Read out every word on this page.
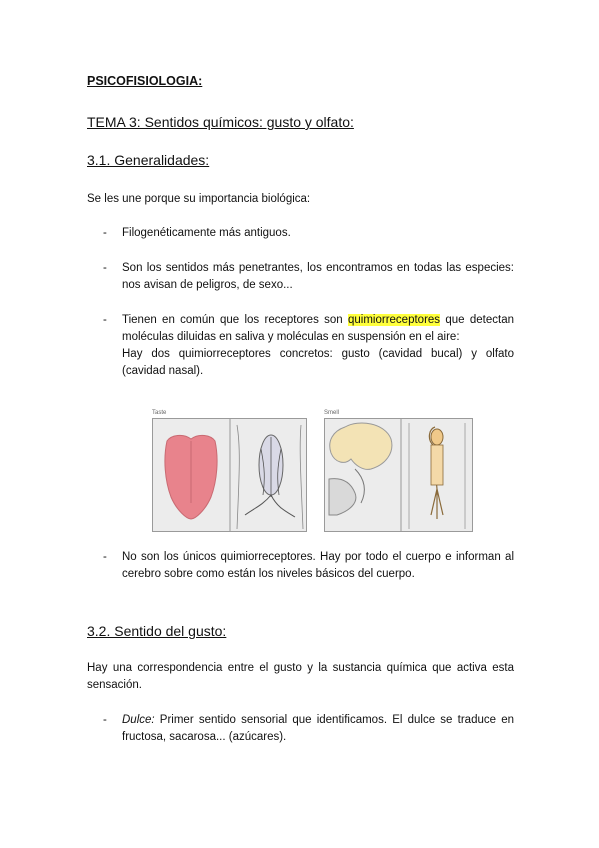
PSICOFISIOLOGIA:
TEMA 3: Sentidos químicos: gusto y olfato:
3.1. Generalidades:
Se les une porque su importancia biológica:
- Filogenéticamente más antiguos.
- Son los sentidos más penetrantes, los encontramos en todas las especies: nos avisan de peligros, de sexo...
- Tienen en común que los receptores son quimiorreceptores que detectan moléculas diluidas en saliva y moléculas en suspensión en el aire:
Hay dos quimiorreceptores concretos: gusto (cavidad bucal) y olfato (cavidad nasal).
Taste	Smell
- No son los únicos quimiorreceptores. Hay por todo el cuerpo e informan al cerebro sobre como están los niveles básicos del cuerpo.
3.2. Sentido del gusto:
Hay una correspondencia entre el gusto y la sustancia química que activa esta sensación.
- Dulce: Primer sentido sensorial que identificamos. El dulce se traduce en fructosa, sacarosa... (azúcares).
